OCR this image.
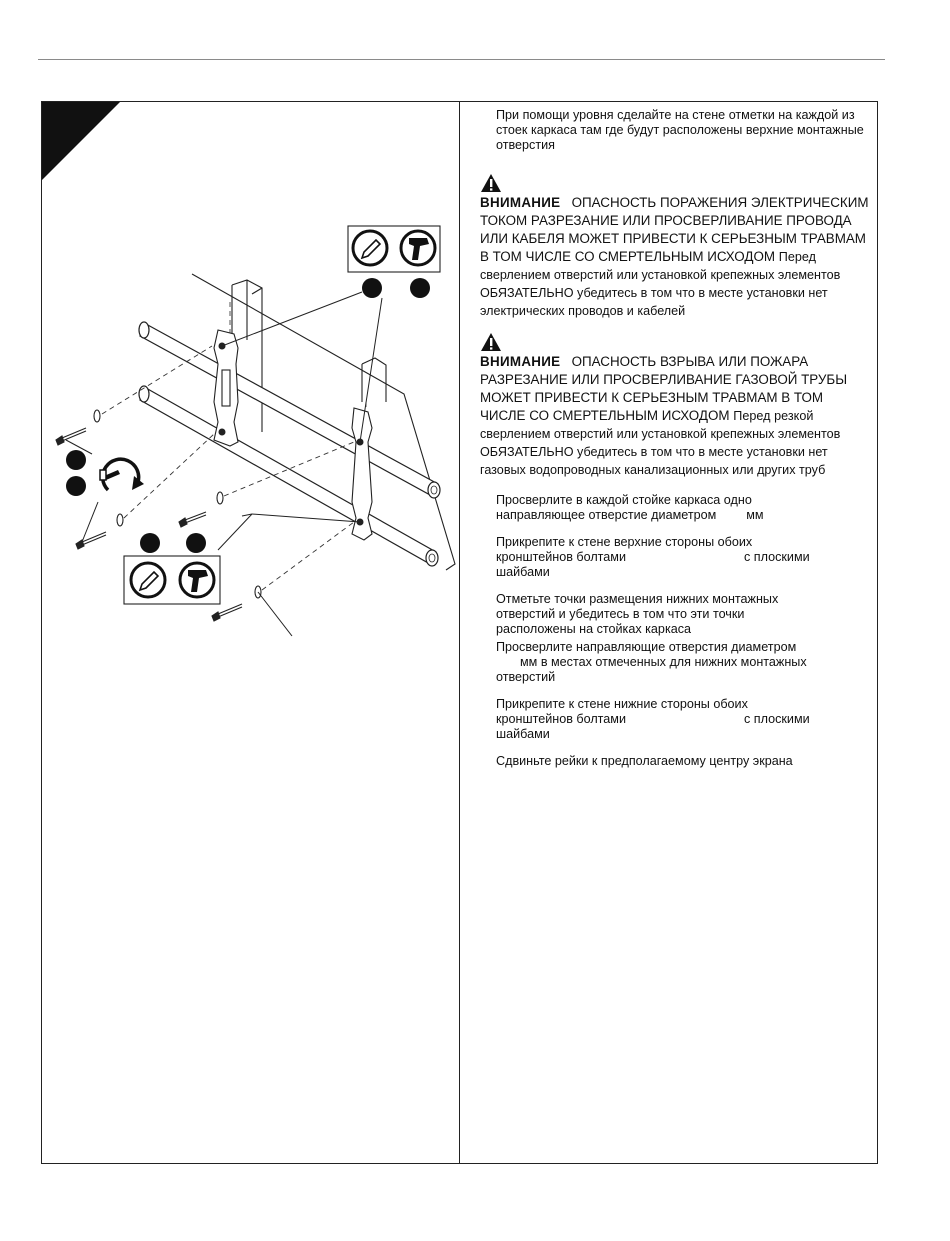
При помощи уровня сделайте на стене отметки на каждой из стоек каркаса там где будут расположены верхние монтажные отверстия

ВНИМАНИЕ ОПАСНОСТЬ ПОРАЖЕНИЯ ЭЛЕКТРИЧЕСКИМ ТОКОМ РАЗРЕЗАНИЕ ИЛИ ПРОСВЕРЛИВАНИЕ ПРОВОДА ИЛИ КАБЕЛЯ МОЖЕТ ПРИВЕСТИ К СЕРЬЕЗНЫМ ТРАВМАМ В ТОМ ЧИСЛЕ СО СМЕРТЕЛЬНЫМ ИСХОДОМ Перед сверлением отверстий или установкой крепежных элементов ОБЯЗАТЕЛЬНО убедитесь в том что в месте установки нет электрических проводов и кабелей

ВНИМАНИЕ ОПАСНОСТЬ ВЗРЫВА ИЛИ ПОЖАРА РАЗРЕЗАНИЕ ИЛИ ПРОСВЕРЛИВАНИЕ ГАЗОВОЙ ТРУБЫ МОЖЕТ ПРИВЕСТИ К СЕРЬЕЗНЫМ ТРАВМАМ В ТОМ ЧИСЛЕ СО СМЕРТЕЛЬНЫМ ИСХОДОМ Перед резкой сверлением отверстий или установкой крепежных элементов ОБЯЗАТЕЛЬНО убедитесь в том что в месте установки нет газовых водопроводных канализационных или других труб

Просверлите в каждой стойке каркаса одно

направляющее отверстие диаметром мм

Прикрепите к стене верхние стороны обоих

кронштейнов болтами	с плоскими

шайбами

Отметьте точки размещения нижних монтажных

отверстий и убедитесь в том что эти точки

расположены на стойках каркаса

Просверлите направляющие отверстия диаметром

мм в местах отмеченных для нижних монтажных

отверстий

Прикрепите к стене нижние стороны обоих

кронштейнов болтами	с плоскими

шайбами

Сдвиньте рейки к предполагаемому центру экрана
